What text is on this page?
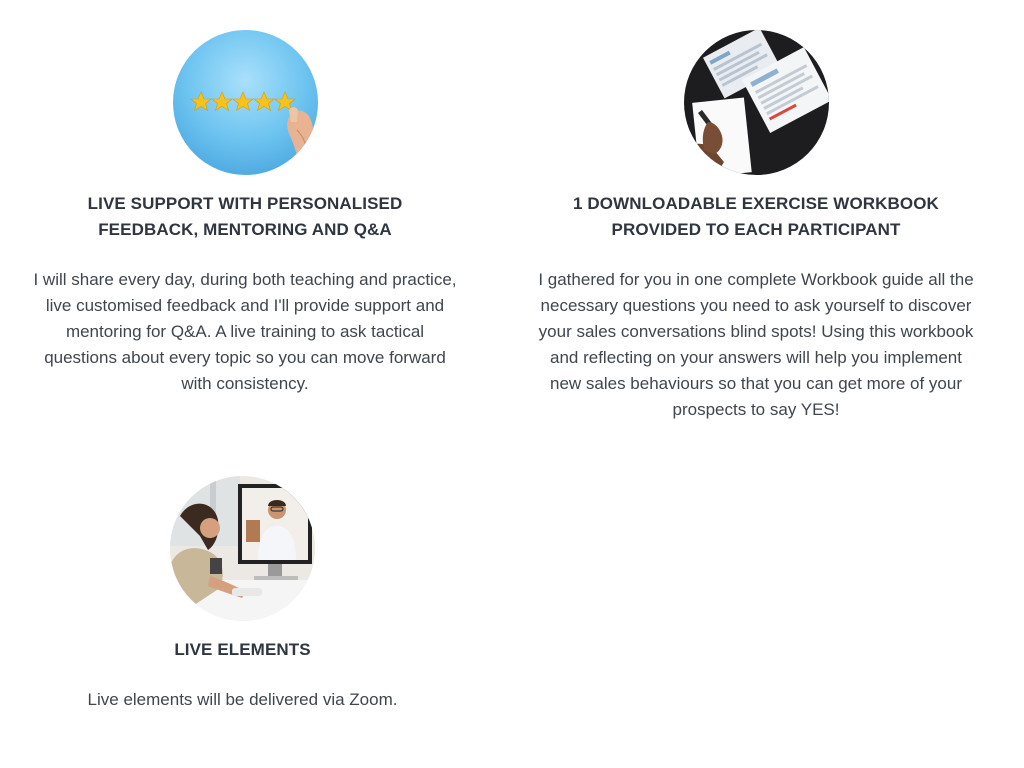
LIVE SUPPORT WITH PERSONALISED
FEEDBACK, MENTORING AND Q&A
I will share every day, during both teaching and practice, live customised feedback and I'll provide support and mentoring for Q&A. A live training to ask tactical questions about every topic so you can move forward with consistency.
1 DOWNLOADABLE EXERCISE WORKBOOK
PROVIDED TO EACH PARTICIPANT
I gathered for you in one complete Workbook guide all the necessary questions you need to ask yourself to discover your sales conversations blind spots! Using this workbook and reflecting on your answers will help you implement new sales behaviours so that you can get more of your prospects to say YES!
LIVE ELEMENTS
Live elements will be delivered via Zoom.
